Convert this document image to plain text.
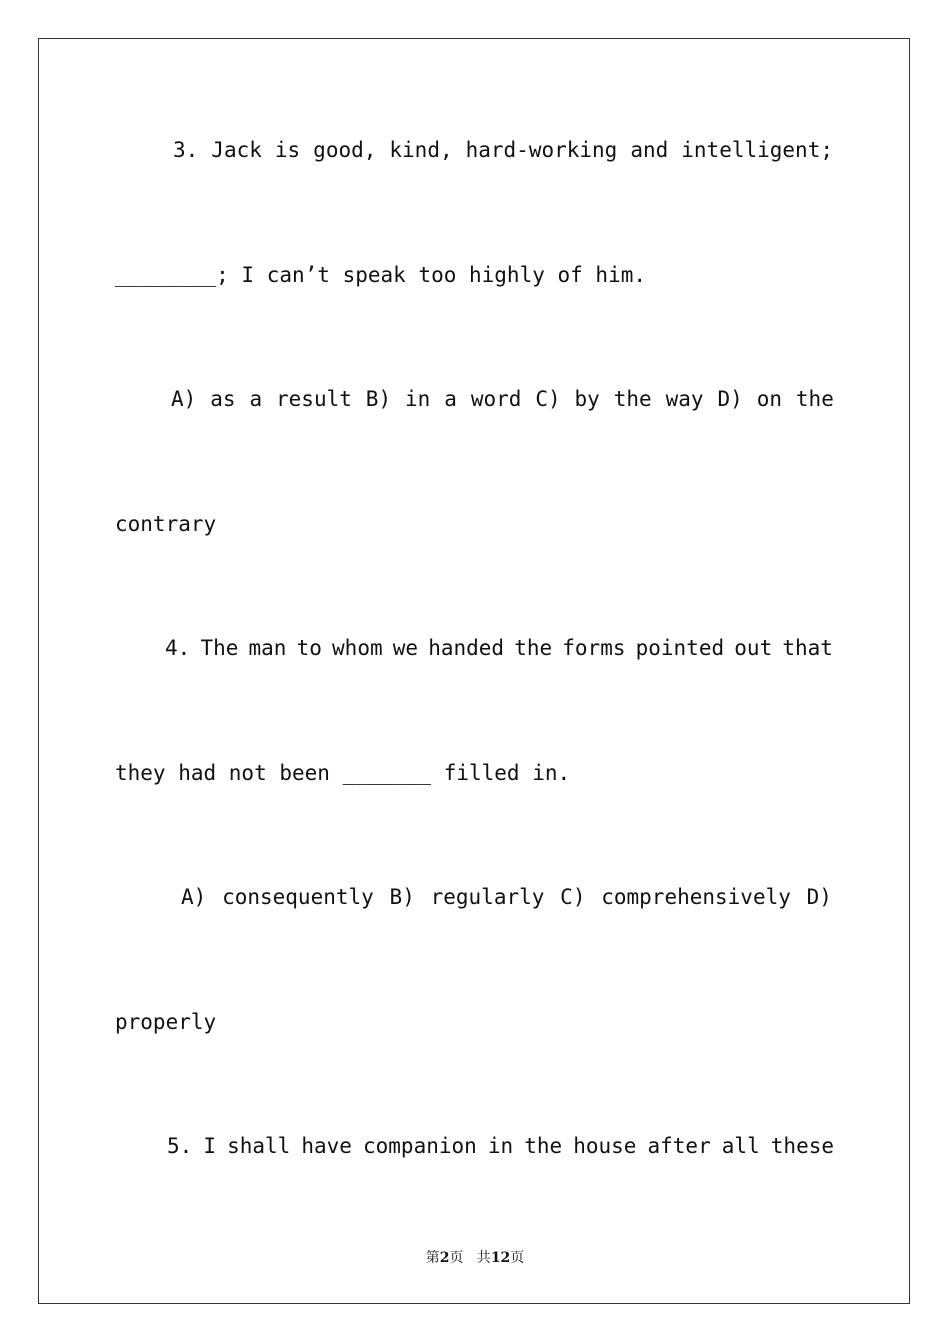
3. Jack is good, kind, hard-working and intelligent;
________; I can’t speak too highly of him.
A) as a result B) in a word C) by the way D) on the
contrary
4. The man to whom we handed the forms pointed out that
they had not been _______ filled in.
A) consequently B) regularly C) comprehensively D)
properly
5. I shall have companion in the house after all these
第2页   共12页
